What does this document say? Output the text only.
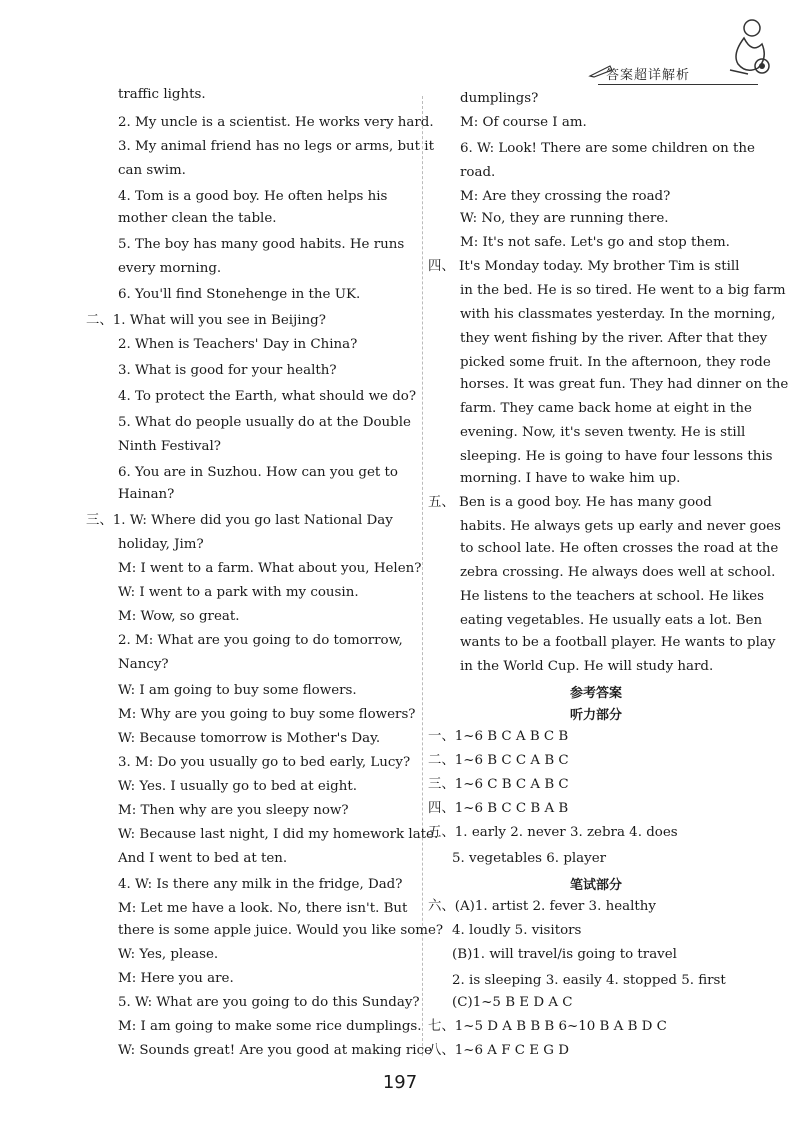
答案超详解析
traffic lights.
2. My uncle is a scientist. He works very hard.
3. My animal friend has no legs or arms, but it
can swim.
4. Tom is a good boy. He often helps his
mother clean the table.
5. The boy has many good habits. He runs
every morning.
6. You'll find Stonehenge in the UK.
二、1. What will you see in Beijing?
2. When is Teachers' Day in China?
3. What is good for your health?
4. To protect the Earth, what should we do?
5. What do people usually do at the Double
Ninth Festival?
6. You are in Suzhou. How can you get to
Hainan?
三、1. W: Where did you go last National Day
holiday, Jim?
M: I went to a farm. What about you, Helen?
W: I went to a park with my cousin.
M: Wow, so great.
2. M: What are you going to do tomorrow,
Nancy?
W: I am going to buy some flowers.
M: Why are you going to buy some flowers?
W: Because tomorrow is Mother's Day.
3. M: Do you usually go to bed early, Lucy?
W: Yes. I usually go to bed at eight.
M: Then why are you sleepy now?
W: Because last night, I did my homework late.
And I went to bed at ten.
4. W: Is there any milk in the fridge, Dad?
M: Let me have a look. No, there isn't. But
there is some apple juice. Would you like some?
W: Yes, please.
M: Here you are.
5. W: What are you going to do this Sunday?
M: I am going to make some rice dumplings.
W: Sounds great! Are you good at making rice
dumplings?
M: Of course I am.
6. W: Look! There are some children on the
road.
M: Are they crossing the road?
W: No, they are running there.
M: It's not safe. Let's go and stop them.
四、 It's Monday today. My brother Tim is still
in the bed. He is so tired. He went to a big farm
with his classmates yesterday. In the morning,
they went fishing by the river. After that they
picked some fruit. In the afternoon, they rode
horses. It was great fun. They had dinner on the
farm. They came back home at eight in the
evening. Now, it's seven twenty. He is still
sleeping. He is going to have four lessons this
morning. I have to wake him up.
五、 Ben is a good boy. He has many good
habits. He always gets up early and never goes
to school late. He often crosses the road at the
zebra crossing. He always does well at school.
He listens to the teachers at school. He likes
eating vegetables. He usually eats a lot. Ben
wants to be a football player. He wants to play
in the World Cup. He will study hard.
参考答案
听力部分
一、1~6 B C A B C B
二、1~6 B C C A B C
三、1~6 C B C A B C
四、1~6 B C C B A B
五、1. early 2. never 3. zebra 4. does
5. vegetables 6. player
笔试部分
六、(A)1. artist 2. fever 3. healthy
4. loudly 5. visitors
(B)1. will travel/is going to travel
2. is sleeping 3. easily 4. stopped 5. first
(C)1~5 B E D A C
七、1~5 D A B B B 6~10 B A B D C
八、1~6 A F C E G D
197
